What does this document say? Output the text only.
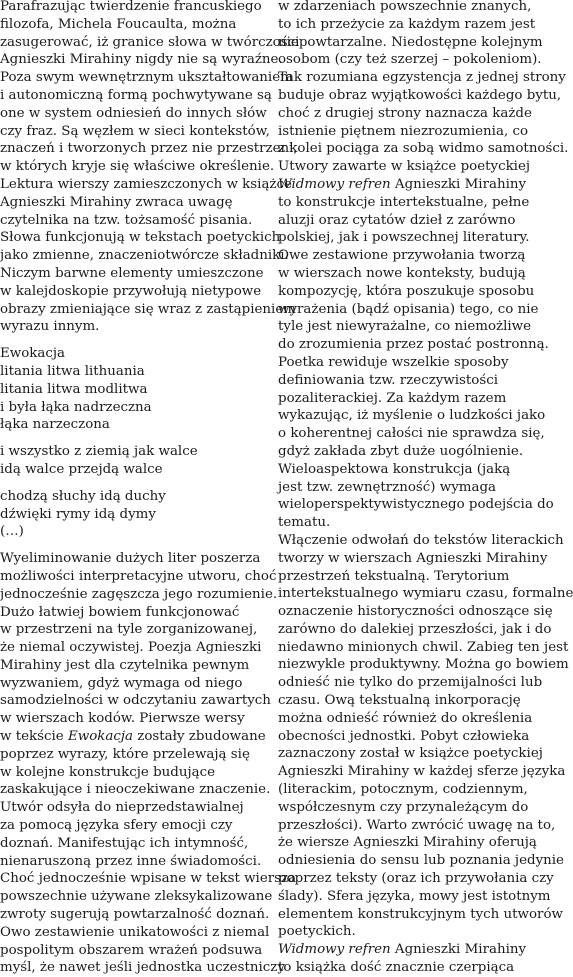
Parafrazując twierdzenie francuskiego
filozofa, Michela Foucaulta, można
zasugerować, iż granice słowa w twórczości
Agnieszki Mirahiny nigdy nie są wyraźne.
Poza swym wewnętrznym ukształtowaniem
i autonomiczną formą pochwytywane są
one w system odniesień do innych słów
czy fraz. Są węzłem w sieci kontekstów,
znaczeń i tworzonych przez nie przestrzeni,
w których kryje się właściwe określenie.
Lektura wierszy zamieszczonych w książce
Agnieszki Mirahiny zwraca uwagę
czytelnika na tzw. tożsamość pisania.
Słowa funkcjonują w tekstach poetyckich
jako zmienne, znaczeniotwórcze składniki.
Niczym barwne elementy umieszczone
w kalejdoskopie przywołują nietypowe
obrazy zmieniające się wraz z zastąpieniem
wyrazu innym.
Ewokacja
litania litwa lithuania
litania litwa modlitwa
i była łąka nadrzeczna
łąka narzeczona
i wszystko z ziemią jak walce
idą walce przejdą walce
chodzą słuchy idą duchy
dźwięki rymy idą dymy
(…)
Wyeliminowanie dużych liter poszerza
możliwości interpretacyjne utworu, choć
jednocześnie zagęszcza jego rozumienie.
Dużo łatwiej bowiem funkcjonować
w przestrzeni na tyle zorganizowanej,
że niemal oczywistej. Poezja Agnieszki
Mirahiny jest dla czytelnika pewnym
wyzwaniem, gdyż wymaga od niego
samodzielności w odczytaniu zawartych
w wierszach kodów. Pierwsze wersy
w tekście Ewokacja zostały zbudowane
poprzez wyrazy, które przelewają się
w kolejne konstrukcje budujące
zaskakujące i nieoczekiwane znaczenie.
Utwór odsyła do nieprzedstawialnej
za pomocą języka sfery emocji czy
doznań. Manifestując ich intymność,
nienaruszoną przez inne świadomości.
Choć jednocześnie wpisane w tekst wiersza
powszechnie używane zleksykalizowane
zwroty sugerują powtarzalność doznań.
Owo zestawienie unikatowości z niemal
pospolitym obszarem wrażeń podsuwa
myśl, że nawet jeśli jednostka uczestniczy
w zdarzeniach powszechnie znanych,
to ich przeżycie za każdym razem jest
niepowtarzalne. Niedostępne kolejnym
osobom (czy też szerzej – pokoleniom).
Tak rozumiana egzystencja z jednej strony
buduje obraz wyjątkowości każdego bytu,
choć z drugiej strony naznacza każde
istnienie piętnem niezrozumienia, co
z kolei pociąga za sobą widmo samotności.
Utwory zawarte w książce poetyckiej
Widmowy refren Agnieszki Mirahiny
to konstrukcje intertekstualne, pełne
aluzji oraz cytatów dzieł z zarówno
polskiej, jak i powszechnej literatury.
Owe zestawione przywołania tworzą
w wierszach nowe konteksty, budują
kompozycję, która poszukuje sposobu
wyrażenia (bądź opisania) tego, co nie
tyle jest niewyrażalne, co niemożliwe
do zrozumienia przez postać postronną.
Poetka rewiduje wszelkie sposoby
definiowania tzw. rzeczywistości
pozaliterackiej. Za każdym razem
wykazując, iż myślenie o ludzkości jako
o koherentnej całości nie sprawdza się,
gdyż zakłada zbyt duże uogólnienie.
Wieloaspektowa konstrukcja (jaką
jest tzw. zewnętrzność) wymaga
wieloperspektywistycznego podejścia do
tematu.
Włączenie odwołań do tekstów literackich
tworzy w wierszach Agnieszki Mirahiny
przestrzeń tekstualną. Terytorium
intertekstualnego wymiaru czasu, formalne
oznaczenie historyczności odnoszące się
zarówno do dalekiej przeszłości, jak i do
niedawno minionych chwil. Zabieg ten jest
niezwykle produktywny. Można go bowiem
odnieść nie tylko do przemijalności lub
czasu. Ową tekstualną inkorporację
można odnieść również do określenia
obecności jednostki. Pobyt człowieka
zaznaczony został w książce poetyckiej
Agnieszki Mirahiny w każdej sferze języka
(literackim, potocznym, codziennym,
współczesnym czy przynależącym do
przeszłości). Warto zwrócić uwagę na to,
że wiersze Agnieszki Mirahiny oferują
odniesienia do sensu lub poznania jedynie
poprzez teksty (oraz ich przywołania czy
ślady). Sfera języka, mowy jest istotnym
elementem konstrukcyjnym tych utworów
poetyckich.
Widmowy refren Agnieszki Mirahiny
to książka dość znacznie czerpiąca
